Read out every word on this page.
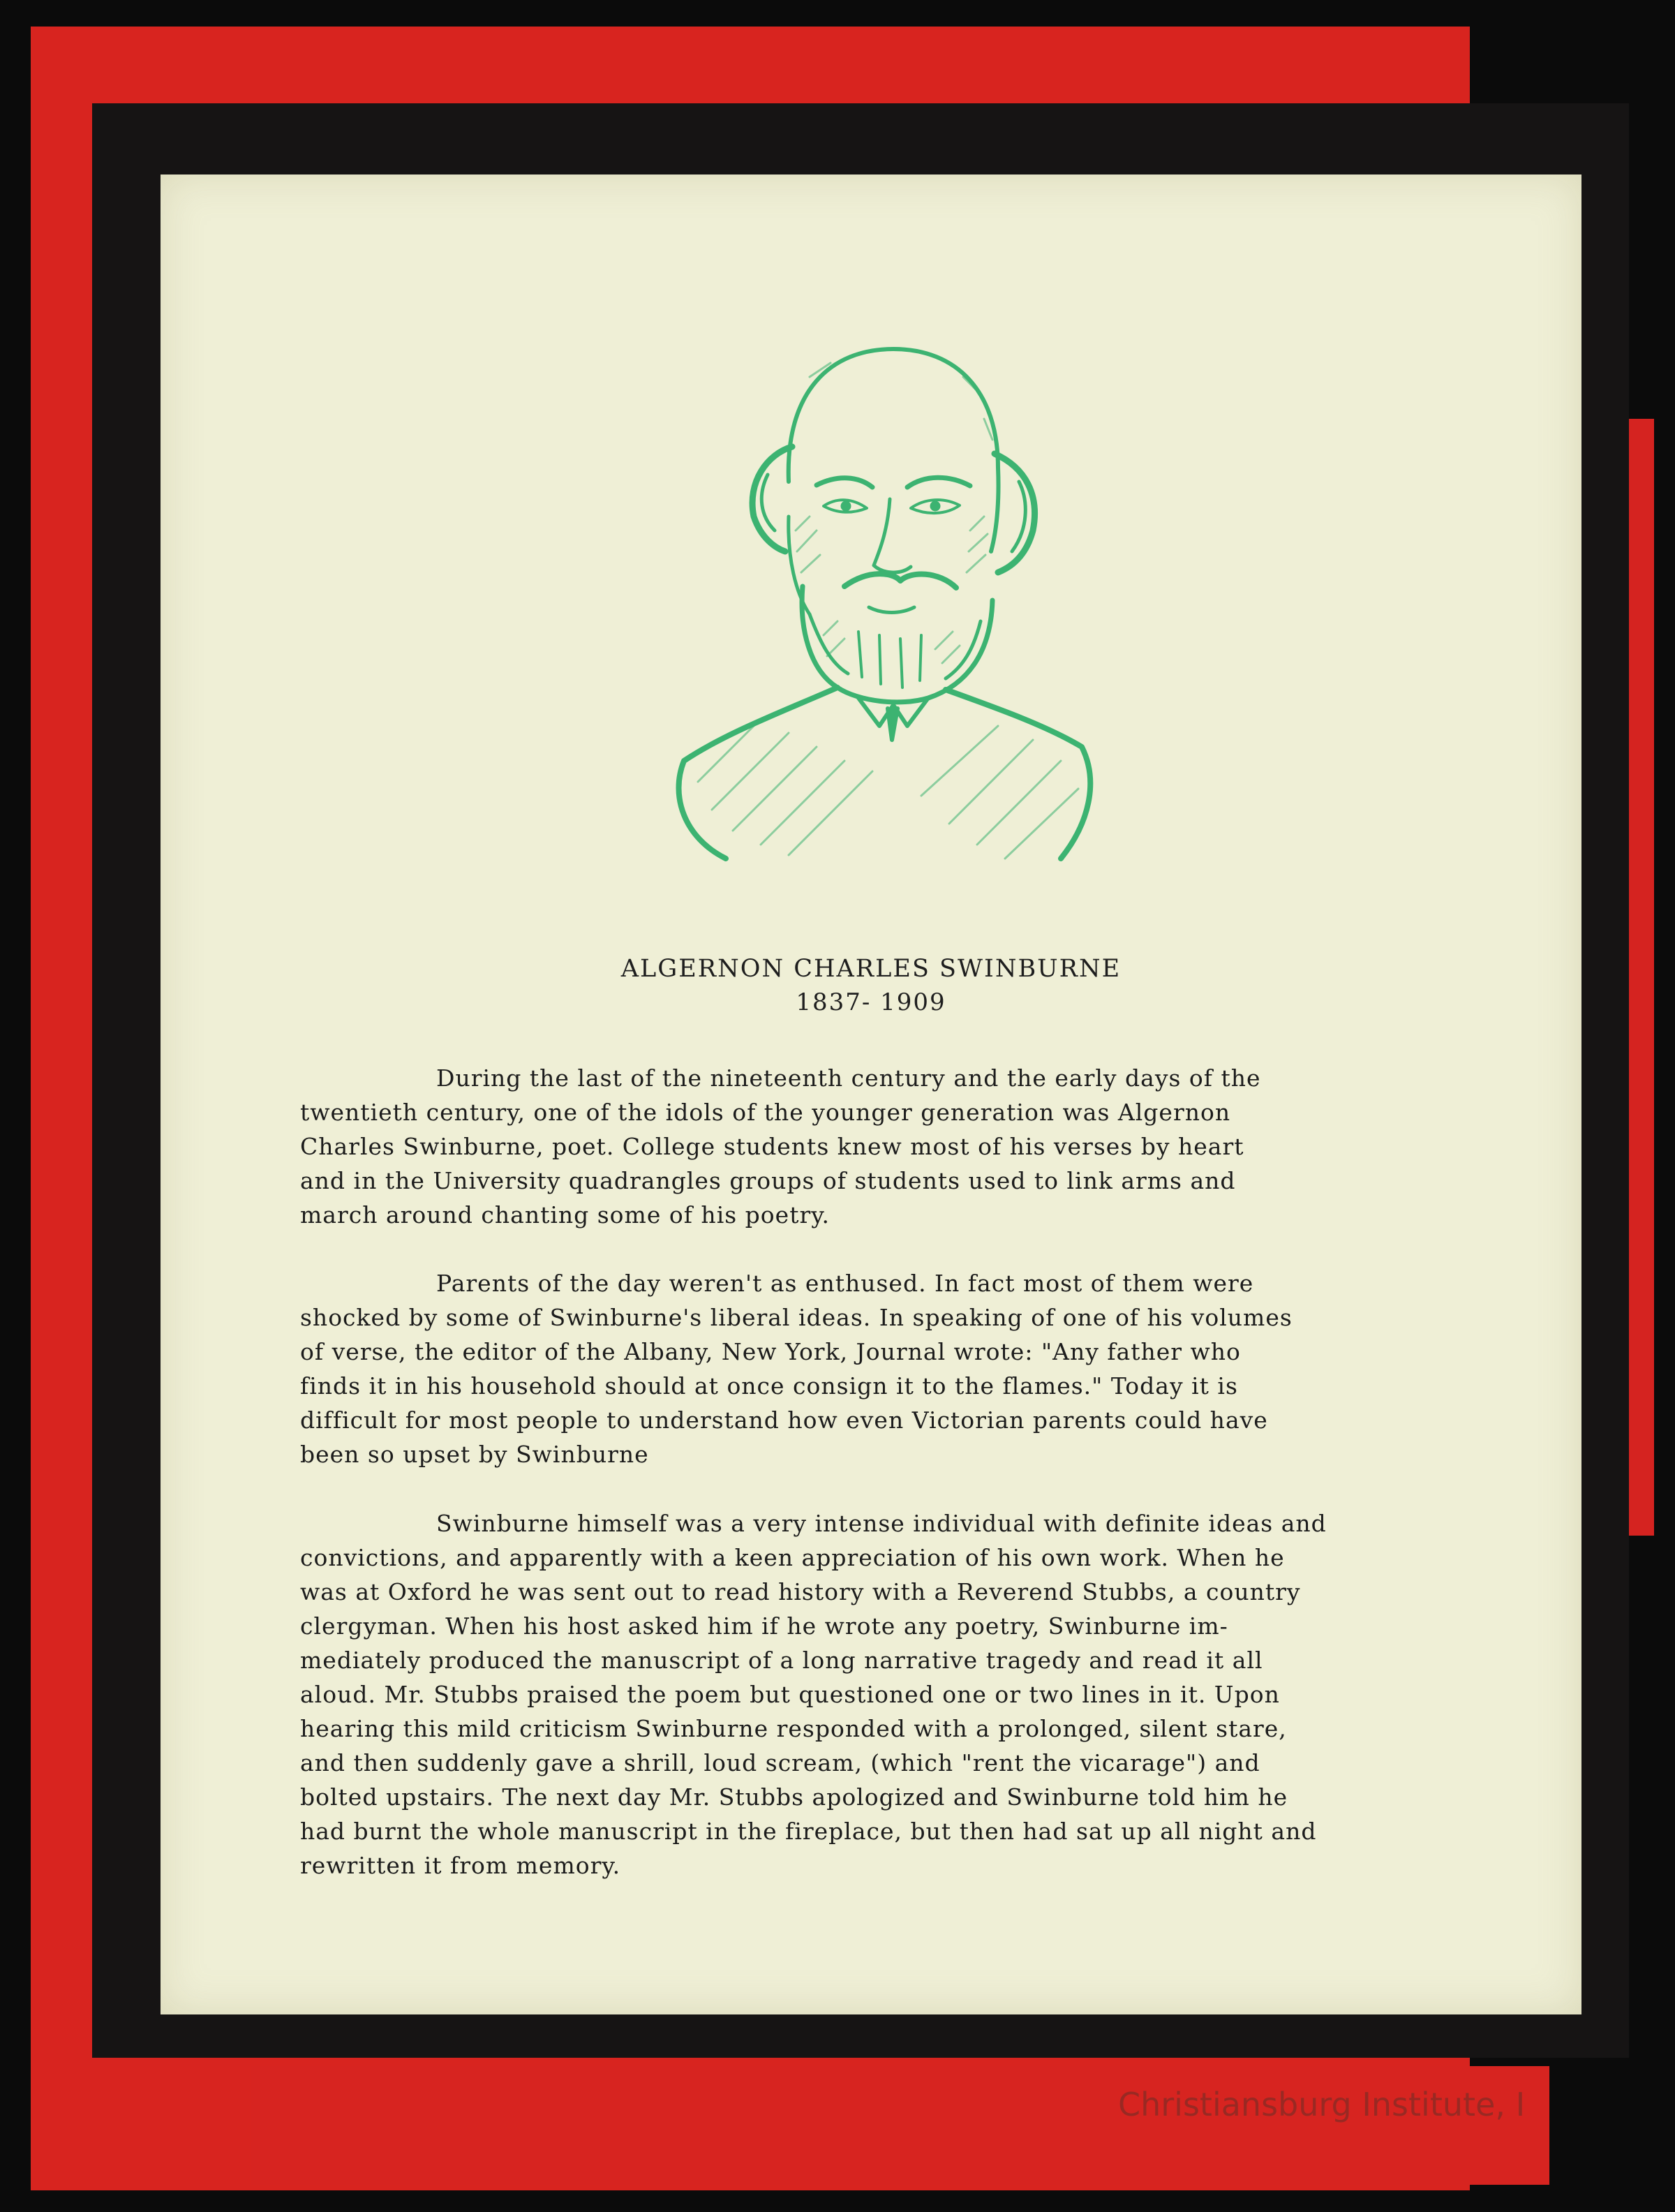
ALGERNON CHARLES SWINBURNE
1837- 1909

During the last of the nineteenth century and the early days of the
twentieth century, one of the idols of the younger generation was Algernon
Charles Swinburne, poet. College students knew most of his verses by heart
and in the University quadrangles groups of students used to link arms and
march around chanting some of his poetry.

Parents of the day weren't as enthused. In fact most of them were
shocked by some of Swinburne's liberal ideas. In speaking of one of his volumes
of verse, the editor of the Albany, New York, Journal wrote: "Any father who
finds it in his household should at once consign it to the flames." Today it is
difficult for most people to understand how even Victorian parents could have
been so upset by Swinburne

Swinburne himself was a very intense individual with definite ideas and
convictions, and apparently with a keen appreciation of his own work. When he
was at Oxford he was sent out to read history with a Reverend Stubbs, a country
clergyman. When his host asked him if he wrote any poetry, Swinburne im-
mediately produced the manuscript of a long narrative tragedy and read it all
aloud. Mr. Stubbs praised the poem but questioned one or two lines in it. Upon
hearing this mild criticism Swinburne responded with a prolonged, silent stare,
and then suddenly gave a shrill, loud scream, (which "rent the vicarage") and
bolted upstairs. The next day Mr. Stubbs apologized and Swinburne told him he
had burnt the whole manuscript in the fireplace, but then had sat up all night and
rewritten it from memory.

Christiansburg Institute, I
